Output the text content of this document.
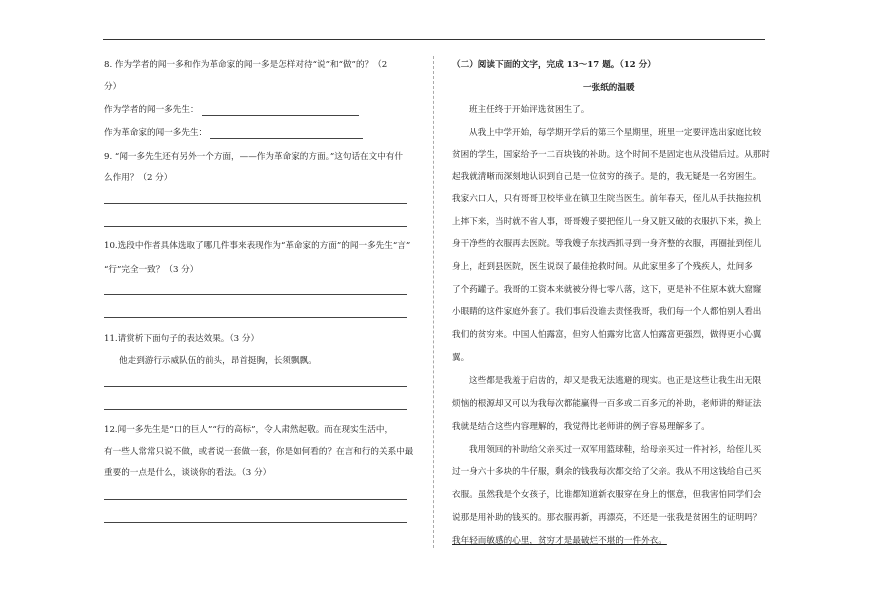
8. 作为学者的闻一多和作为革命家的闻一多是怎样对待“说”和“做”的？（2
分）
作为学者的闻一多先生：
作为革命家的闻一多先生：
9. “闻一多先生还有另外一个方面，——作为革命家的方面。”这句话在文中有什
么作用？（2 分）
10.选段中作者具体选取了哪几件事来表现作为“革命家的方面”的闻一多先生“言”
“行”完全一致？（3 分）
11.请赏析下面句子的表达效果。（3 分）
他走到游行示威队伍的前头，昂首挺胸，长须飘飘。
12.闻一多先生是“口的巨人”“行的高标”，令人肃然起敬。而在现实生活中，
有一些人常常只说不做，或者说一套做一套，你是如何看的？在言和行的关系中最
重要的一点是什么，谈谈你的看法。（3 分）
（二）阅读下面的文字，完成 13～17 题。（12 分）
一张纸的温暖
班主任终于开始评选贫困生了。
从我上中学开始，每学期开学后的第三个星期里，班里一定要评选出家庭比较
贫困的学生，国家给予一二百块钱的补助。这个时间不是固定也从没错后过。从那时
起我就清晰而深刻地认识到自己是一位贫穷的孩子。是的，我无疑是一名穷困生。
我家六口人，只有哥哥卫校毕业在镇卫生院当医生。前年春天，侄儿从手扶拖拉机
上摔下来，当时就不省人事，哥哥嫂子要把侄儿一身又脏又破的衣服扒下来，换上
身干净些的衣服再去医院。等我嫂子东找西抓寻到一身齐整的衣服，再圈扯到侄儿
身上，赶到县医院，医生说误了最佳抢救时间。从此家里多了个残疾人，灶间多
了个药罐子。我哥的工资本来就被分得七零八落，这下，更是补不住原本就大窟窿
小眼睛的这件家庭外套了。我们事后没谁去责怪我哥，我们每一个人都怕别人看出
我们的贫穷来。中国人怕露富，但穷人怕露穷比富人怕露富更强烈，做得更小心翼
翼。
这些都是我羞于启齿的，却又是我无法逃避的现实。也正是这些让我生出无限
烦恼的根源却又可以为我每次都能赢得一百多或二百多元的补助，老师讲的辩证法
我就是结合这些内容理解的，我觉得比老师讲的例子容易理解多了。
我用领回的补助给父亲买过一双军用篮球鞋，给母亲买过一件衬衫，给侄儿买
过一身六十多块的牛仔服，剩余的钱我每次都交给了父亲。我从不用这钱给自己买
衣服。虽然我是个女孩子，比谁都知道新衣服穿在身上的惬意，但我害怕同学们会
说那是用补助的钱买的。那衣服再新，再漂亮，不还是一张我是贫困生的证明吗？
我年轻而敏感的心里，贫穷才是最破烂不堪的一件外衣。
